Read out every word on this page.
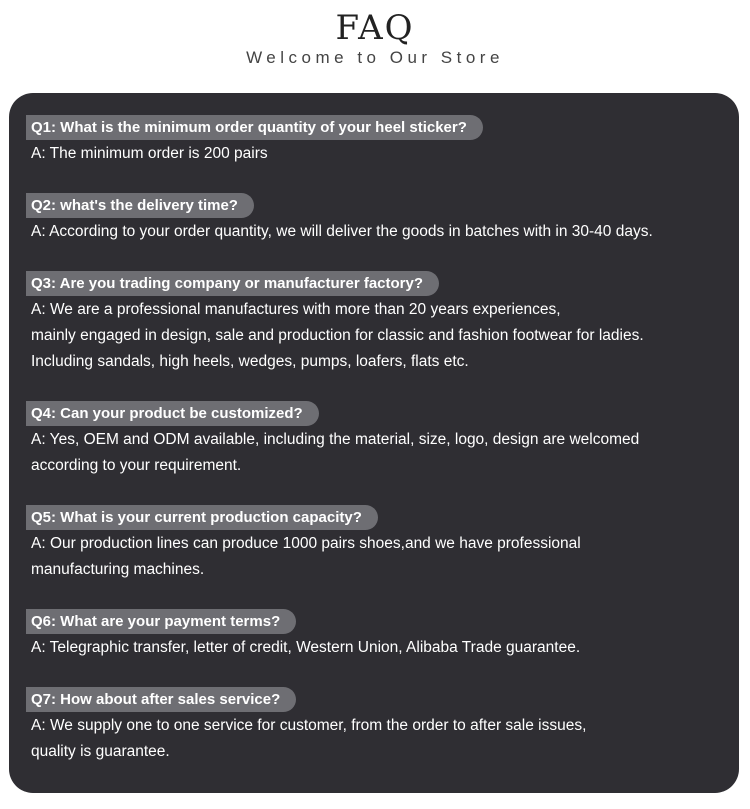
FAQ
Welcome to Our Store
Q1: What is the minimum order quantity of your heel sticker?
A: The minimum order is 200 pairs
Q2: what's the delivery time?
A: According to your order quantity, we will deliver the goods in batches with in 30-40 days.
Q3: Are you trading company or manufacturer factory?
A: We are a professional manufactures with more than 20 years experiences,
mainly engaged in design, sale and production for classic and fashion footwear for ladies.
Including sandals, high heels, wedges, pumps, loafers, flats etc.
Q4: Can your product be customized?
A: Yes, OEM and ODM available, including the material, size, logo, design are welcomed
according to your requirement.
Q5: What is your current production capacity?
A: Our production lines can produce 1000 pairs shoes,and we have professional
manufacturing machines.
Q6: What are your payment terms?
A: Telegraphic transfer, letter of credit, Western Union, Alibaba Trade guarantee.
Q7: How about after sales service?
A: We supply one to one service for customer, from the order to after sale issues,
quality is guarantee.
